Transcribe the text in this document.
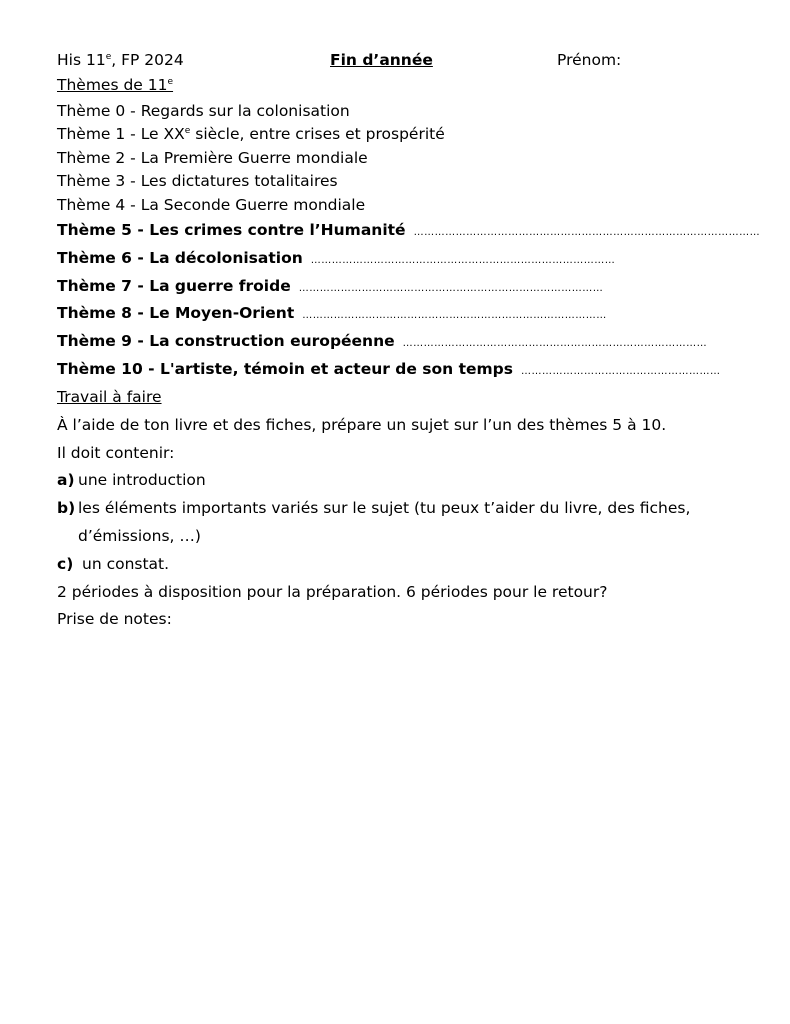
His 11e, FP 2024	Fin d’année	Prénom:
Thèmes de 11e
Thème 0 - Regards sur la colonisation
Thème 1 - Le XXe siècle, entre crises et prospérité
Thème 2 - La Première Guerre mondiale
Thème 3 - Les dictatures totalitaires
Thème 4 - La Seconde Guerre mondiale
Thème 5 - Les crimes contre l’Humanité ………………………………………………………………………………………
Thème 6 - La décolonisation ……………………………………………………………………………
Thème 7 - La guerre froide ……………………………………………………………………………
Thème 8 - Le Moyen-Orient ……………………………………………………………………………
Thème 9 - La construction européenne ……………………………………………………………………………
Thème 10 - L'artiste, témoin et acteur de son temps …………………………………………………
Travail à faire
À l’aide de ton livre et des fiches, prépare un sujet sur l’un des thèmes 5 à 10.
Il doit contenir:
a) une introduction
b) les éléments importants variés sur le sujet (tu peux t’aider du livre, des fiches,
d’émissions, …)
c) un constat.
2 périodes à disposition pour la préparation. 6 périodes pour le retour?
Prise de notes:
